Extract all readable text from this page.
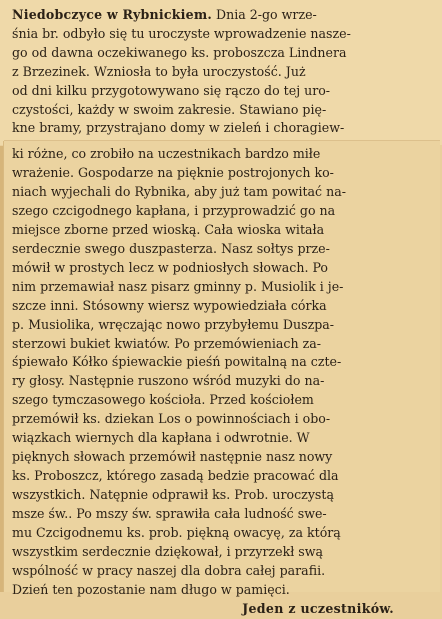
Niedobczyce w Rybnickiem. Dnia 2-go wrze-
śnia br. odbyło się tu uroczyste wprowadzenie nasze-
go od dawna oczekiwanego ks. proboszcza Lindnera
z Brzezinek. Wzniosła to była uroczystość. Już
od dni kilku przygotowywano się rączo do tej uro-
czystości, każdy w swoim zakresie. Stawiano pię-
kne bramy, przystrajano domy w zieleń i choragiew-
ki różne, co zrobiło na uczestnikach bardzo miłe
wrażenie. Gospodarze na pięknie postrojonych ko-
niach wyjechali do Rybnika, aby już tam powitać na-
szego czcigodnego kapłana, i przyprowadzić go na
miejsce zborne przed wioską. Cała wioska witała
serdecznie swego duszpasterza. Nasz sołtys prze-
mówił w prostych lecz w podniosłych słowach. Po
nim przemawiał nasz pisarz gminny p. Musiolik i je-
szcze inni. Stósowny wiersz wypowiedziała córka
p. Musiolika, wręczając nowo przybyłemu Duszpa-
sterzowi bukiet kwiatów. Po przemówieniach za-
śpiewało Kółko śpiewackie pieśń powitalną na czte-
ry głosy. Następnie ruszono wśród muzyki do na-
szego tymczasowego kościoła. Przed kościołem
przemówił ks. dziekan Los o powinnościach i obo-
wiązkach wiernych dla kapłana i odwrotnie. W
pięknych słowach przemówił następnie nasz nowy
ks. Proboszcz, którego zasadą bedzie pracować dla
wszystkich. Natępnie odprawił ks. Prob. uroczystą
msze św.. Po mszy św. sprawiła cała ludność swe-
mu Czcigodnemu ks. prob. piękną owacyę, za którą
wszystkim serdecznie dziękował, i przyrzekł swą
wspólność w pracy naszej dla dobra całej parafii.
Dzień ten pozostanie nam długo w pamięci.
Jeden z uczestników.
